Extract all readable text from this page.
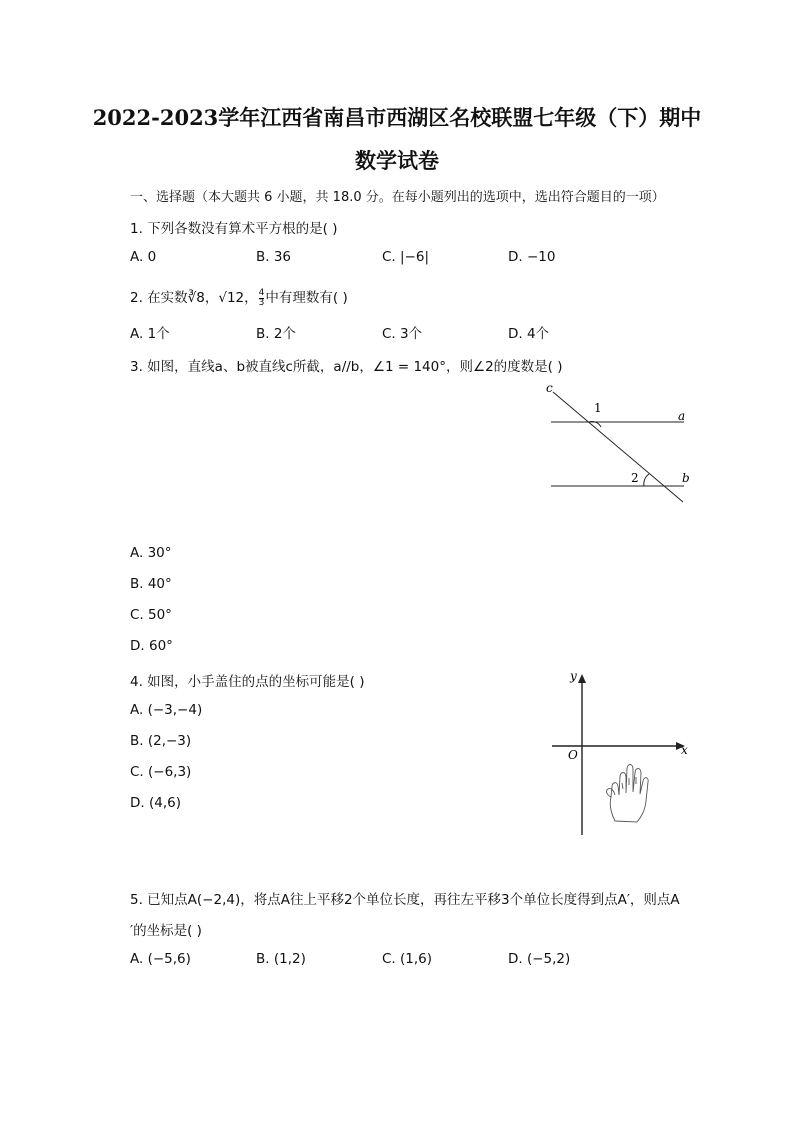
2022-2023学年江西省南昌市西湖区名校联盟七年级（下）期中
数学试卷
一、选择题（本大题共 6 小题，共 18.0 分。在每小题列出的选项中，选出符合题目的一项）
1. 下列各数没有算术平方根的是( )
A. 0	B. 36	C. |−6|	D. −10
2. 在实数∛8，√12， $\frac{4}{3}$ 中有理数有( )
A. 1个	B. 2个	C. 3个	D. 4个
3. 如图，直线a、b被直线c所截，a//b，∠1 = 140°，则∠2的度数是( )
c
1
a
2	b
A. 30°
B. 40°
C. 50°
D. 60°
4. 如图，小手盖住的点的坐标可能是( )
A. (−3,−4)
B. (2,−3)
C. (−6,3)
D. (4,6)
y
x
O
5. 已知点A(−2,4)，将点A往上平移2个单位长度，再往左平移3个单位长度得到点A′，则点A
′的坐标是( )
A. (−5,6)	B. (1,2)	C. (1,6)	D. (−5,2)
